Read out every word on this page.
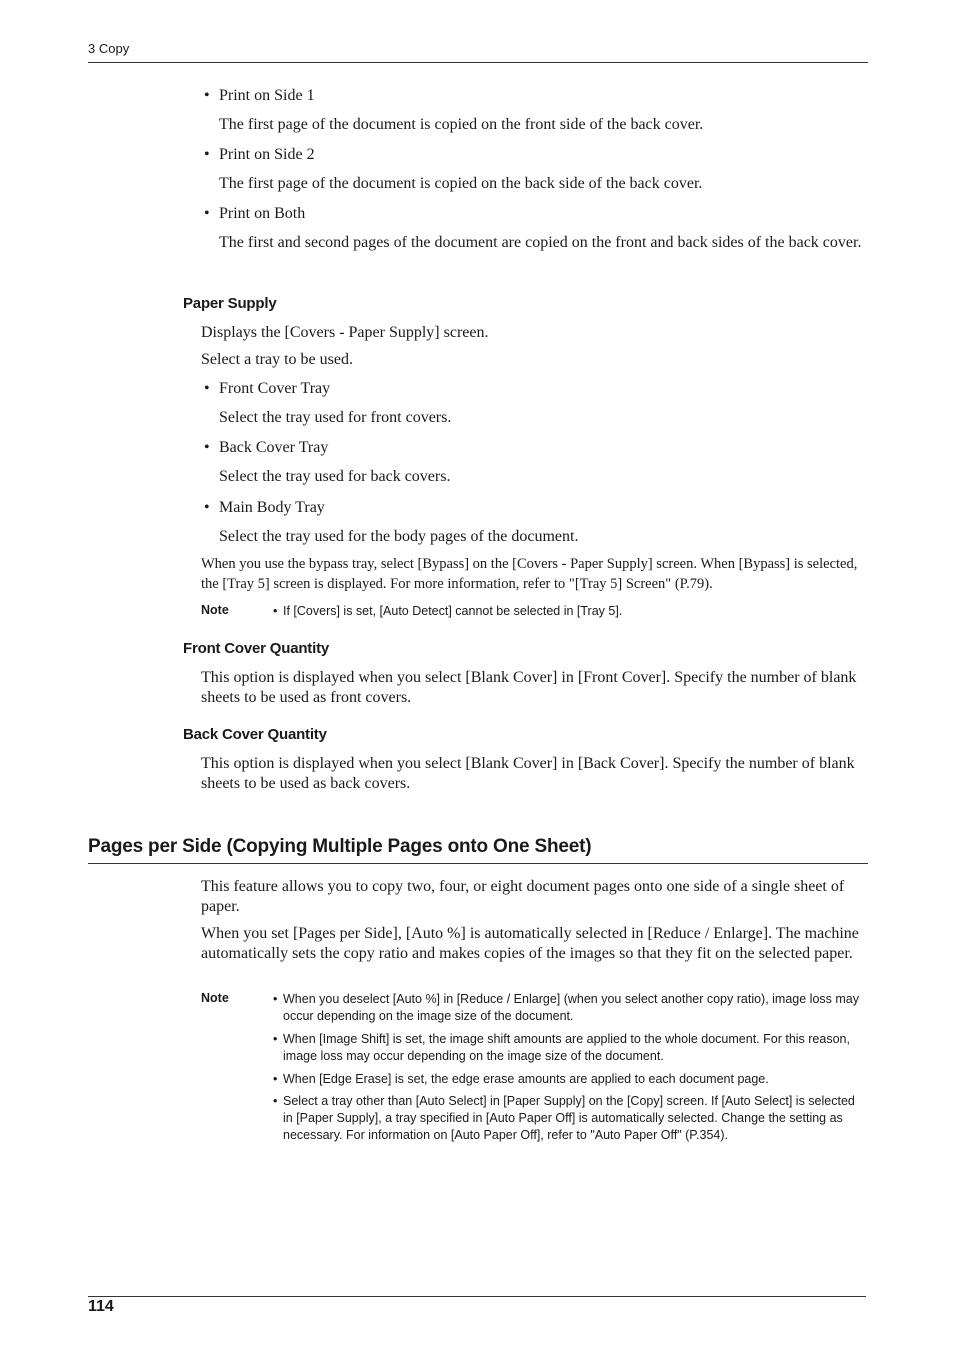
3 Copy
• Print on Side 1
The first page of the document is copied on the front side of the back cover.
• Print on Side 2
The first page of the document is copied on the back side of the back cover.
• Print on Both
The first and second pages of the document are copied on the front and back sides of the back cover.
Paper Supply
Displays the [Covers - Paper Supply] screen.
Select a tray to be used.
• Front Cover Tray
Select the tray used for front covers.
• Back Cover Tray
Select the tray used for back covers.
• Main Body Tray
Select the tray used for the body pages of the document.
When you use the bypass tray, select [Bypass] on the [Covers - Paper Supply] screen. When [Bypass] is selected, the [Tray 5] screen is displayed. For more information, refer to "[Tray 5] Screen" (P.79).
Note	• If [Covers] is set, [Auto Detect] cannot be selected in [Tray 5].
Front Cover Quantity
This option is displayed when you select [Blank Cover] in [Front Cover]. Specify the number of blank sheets to be used as front covers.
Back Cover Quantity
This option is displayed when you select [Blank Cover] in [Back Cover]. Specify the number of blank sheets to be used as back covers.
Pages per Side (Copying Multiple Pages onto One Sheet)
This feature allows you to copy two, four, or eight document pages onto one side of a single sheet of paper.
When you set [Pages per Side], [Auto %] is automatically selected in [Reduce / Enlarge]. The machine automatically sets the copy ratio and makes copies of the images so that they fit on the selected paper.
Note	• When you deselect [Auto %] in [Reduce / Enlarge] (when you select another copy ratio), image loss may occur depending on the image size of the document.
• When [Image Shift] is set, the image shift amounts are applied to the whole document. For this reason, image loss may occur depending on the image size of the document.
• When [Edge Erase] is set, the edge erase amounts are applied to each document page.
• Select a tray other than [Auto Select] in [Paper Supply] on the [Copy] screen. If [Auto Select] is selected in [Paper Supply], a tray specified in [Auto Paper Off] is automatically selected. Change the setting as necessary. For information on [Auto Paper Off], refer to "Auto Paper Off" (P.354).
114
